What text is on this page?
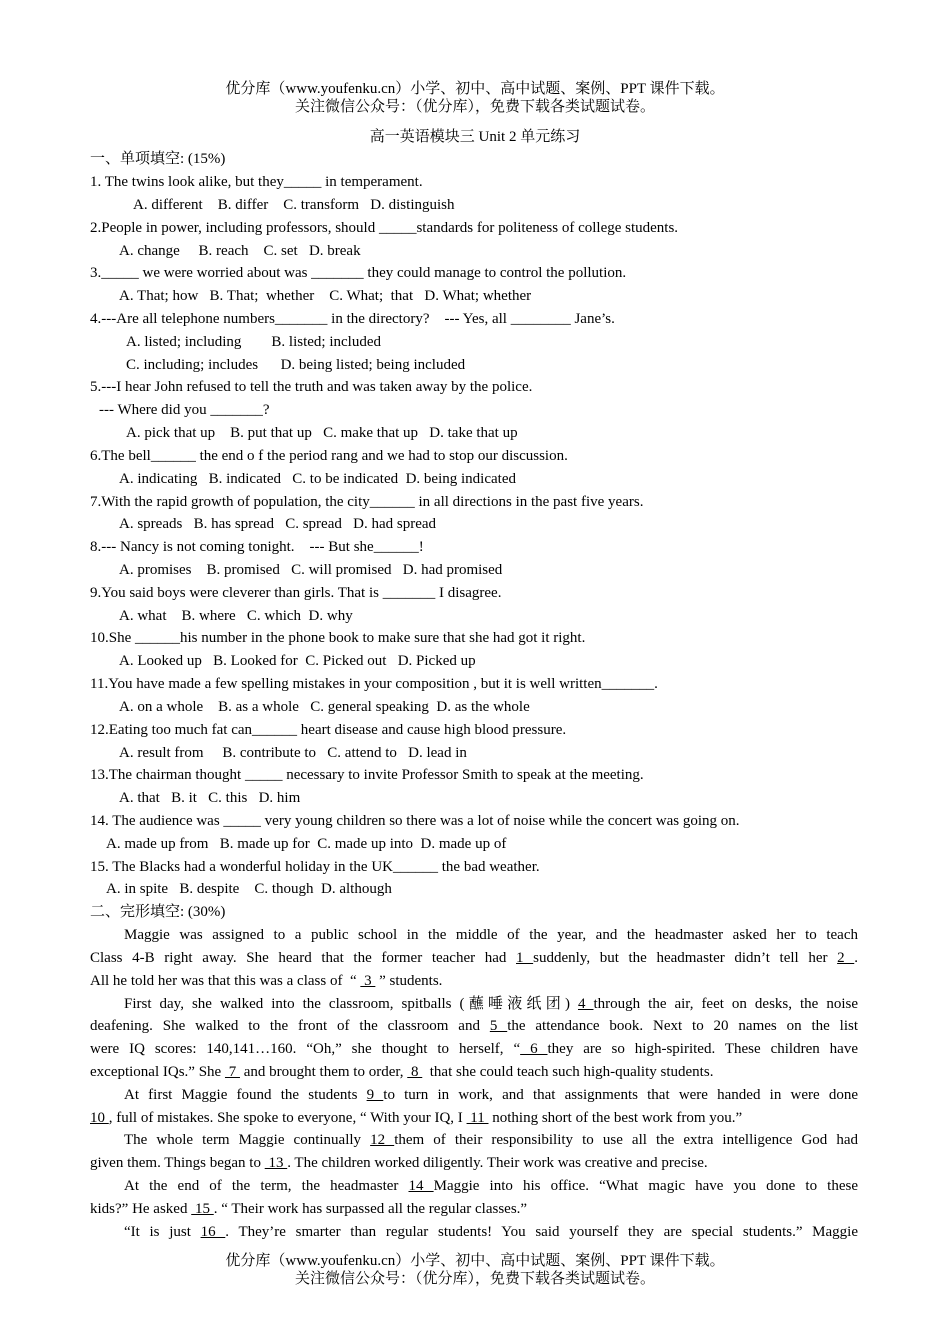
优分库（www.youfenku.cn）小学、初中、高中试题、案例、PPT 课件下载。
关注微信公众号：（优分库），免费下载各类试题试卷。
高一英语模块三 Unit 2 单元练习
一、单项填空: (15%)
1. The twins look alike, but they_____ in temperament.
A. different    B. differ    C. transform   D. distinguish
2.People in power, including professors, should _____standards for politeness of college students.
A. change     B. reach    C. set   D. break
3._____ we were worried about was _______ they could manage to control the pollution.
A. That; how   B. That;  whether    C. What;  that   D. What; whether
4.---Are all telephone numbers_______ in the directory?    --- Yes, all ________ Jane’s.
A. listed; including        B. listed; included
C. including; includes      D. being listed; being included
5.---I hear John refused to tell the truth and was taken away by the police.
--- Where did you _______?
A. pick that up    B. put that up   C. make that up   D. take that up
6.The bell______ the end o f the period rang and we had to stop our discussion.
A. indicating   B. indicated   C. to be indicated  D. being indicated
7.With the rapid growth of population, the city______ in all directions in the past five years.
A. spreads   B. has spread   C. spread   D. had spread
8.--- Nancy is not coming tonight.    --- But she______!
A. promises    B. promised   C. will promised   D. had promised
9.You said boys were cleverer than girls. That is _______ I disagree.
A. what    B. where   C. which  D. why
10.She ______his number in the phone book to make sure that she had got it right.
A. Looked up   B. Looked for  C. Picked out   D. Picked up
11.You have made a few spelling mistakes in your composition , but it is well written_______.
A. on a whole    B. as a whole   C. general speaking  D. as the whole
12.Eating too much fat can______ heart disease and cause high blood pressure.
A. result from     B. contribute to   C. attend to   D. lead in
13.The chairman thought _____ necessary to invite Professor Smith to speak at the meeting.
A. that   B. it   C. this   D. him
14. The audience was _____ very young children so there was a lot of noise while the concert was going on.
A. made up from   B. made up for  C. made up into  D. made up of
15. The Blacks had a wonderful holiday in the UK______ the bad weather.
A. in spite   B. despite    C. though  D. although
二、完形填空: (30%)
Maggie was assigned to a public school in the middle of the year, and the headmaster asked her to teach
Class 4-B right away. She heard that the former teacher had 1 suddenly, but the headmaster didn’t tell her 2 .
All he told her was that this was a class of  “  3  ” students.
First day, she walked into the classroom, spitballs (蘸唾液纸团) 4 through the air, feet on desks, the noise
deafening. She walked to the front of the classroom and 5 the attendance book. Next to 20 names on the list
were IQ scores: 140,141…160. “Oh,” she thought to herself, “ 6 they are so high-spirited. These children have
exceptional IQs.” She  7  and brought them to order,  8   that she could teach such high-quality students.
At first Maggie found the students 9 to turn in work, and that assignments that were handed in were done
10 , full of mistakes. She spoke to everyone, “ With your IQ, I  11  nothing short of the best work from you.”
The whole term Maggie continually 12 them of their responsibility to use all the extra intelligence God had
given them. Things began to  13 . The children worked diligently. Their work was creative and precise.
At the end of the term, the headmaster 14 Maggie into his office. “What magic have you done to these
kids?” He asked  15 . “ Their work has surpassed all the regular classes.”
“It is just 16 . They’re smarter than regular students! You said yourself they are special students.” Maggie
优分库（www.youfenku.cn）小学、初中、高中试题、案例、PPT 课件下载。
关注微信公众号：（优分库），免费下载各类试题试卷。
